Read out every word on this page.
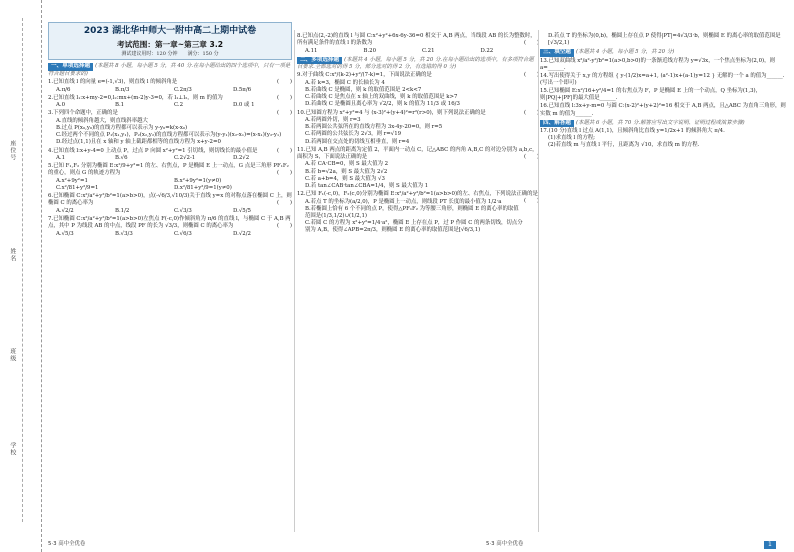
座位号
姓名
班级
学校
2023 湖北华中师大一附中高二上期中试卷
考试范围：第一章~第三章 3.2
测试建议用时：120 分钟　　满分：150 分
一、单项选择题 (本题共 8 小题，每小题 5 分，共 40 分.在每小题给出的四个选项中，只有一项是符合题目要求的)
1.已知直线 l 的向量 e=(-1,√3)，则直线 l 的倾斜角是	(　　)
A.π/6	B.π/3	C.2π/3	D.5π/6
2.已知直线 l₁:x+my-2=0,l₂:mx+(m-2)y-3=0，若 l₁⊥l₂，则 m 的值为	(　　)
A.0	B.1	C.2	D.0 或 1
3.下列四个命题中，正确的是	(　　)
A.直线的倾斜角越大，则直线斜率越大
B.过点 P(x₀,y₀)的直线方程都可以表示为 y-y₀=k(x-x₀)
C.经过两个不同的点 P₁(x₁,y₁)，P₂(x₂,y₂)的直线方程都可以表示为(y-y₁)(x₂-x₁)=(x-x₁)(y₂-y₁)
D.经过点(1,1)且在 x 轴和 y 轴上截距都相等的直线方程为 x+y-2=0
4.已知直线 l:x+y-4=0 上动点 P，过点 P 向圆 x²+y²=1 引切线，则切线长的最小值是	(　　)
A.1	B.√6	C.2√2-1	D.2√2
5.已知 F₁,F₂ 分别为椭圆 E:x²/9+y²=1 的左、右焦点，P 是椭圆 E 上一动点，G 点是三角形 PF₁F₂ 的重心，则点 G 的轨迹方程为	(　　)
A.x²+9y²=1	B.x²+9y²=1(y≠0)
C.x²/81+y²/9=1	D.x²/81+y²/9=1(y≠0)
6.已知椭圆 C:x²/a²+y²/b²=1(a>b>0)，点(-√6/3,√10/3)关于直线 y=x 的对称点落在椭圆 C 上，则椭圆 C 的离心率为	(　　)
A.√2/2	B.1/2	C.√3/3	D.√5/5
7.已知椭圆 C:x²/a²+y²/b²=1(a>b>0)左焦点 F(-c,0)作倾斜角为 π/6 的直线 l，与椭圆 C 于 A,B 两点，其中 P 为线段 AB 的中点，线段 PF 的长为 √3/3，则椭圆 C 的离心率为	(　　)
A.√5/3	B.√3/3	C.√6/3	D.√2/2
8.已知点(2,-2)的直线 l 与圆 C:x²+y²+6x-6y-36=0 相交于 A,B 两点，当线段 AB 的长为整数时，所有满足条件的直线 l 的条数为	(　　)
A.11	B.20	C.21	D.22
二、多项选择题 (本题共 4 小题，每小题 5 分，共 20 分.在每小题给出的选项中，有多项符合题目要求.全部选对的得 5 分，部分选对的得 2 分，有选错的得 0 分)
9.对于曲线 C:x²/(k-2)+y²/(7-k)=1，下面说法正确的是	(　　)
A.若 k=3，椭圆 C 的长轴长为 4
B.若曲线 C 是椭圆，则 k 的取值范围是 2<k<7
C.若曲线 C 是焦点在 x 轴上的双曲线，则 k 的取值范围是 k>7
D.若曲线 C 是椭圆且离心率为 √2/2，则 k 的值为 11/3 或 16/3
10.已知圆方程为 x²+y²=4 与 (x-3)²+(y+4)²=r²(r>0)，则下列说法正确的是	(　　)
A.若两圆外切，则 r=3
B.若两圆公共弦所在的直线方程为 3x-4y-20=0，则 r=5
C.若两圆的公共弦长为 2√3，则 r=√19
D.若两圆在交点处的切线互相垂直，则 r=4
11.已知 A,B 两点的距离为定值 2，平面内一动点 C，记△ABC 的内角 A,B,C 的对边分别为 a,b,c，面积为 S，下面说法正确的是	(　　)
A.若 CA·CB=0，则 S 最大值为 2
B.若 b=√2a，则 S 最大值为 2√2
C.若 a+b=4，则 S 最大值为 √3
D.若 tan∠CAB·tan∠CBA=1/4，则 S 最大值为 1
12.已知 F₁(-c,0)，F₂(c,0)分别为椭圆 E:x²/a²+y²/b²=1(a>b>0)的左、右焦点，下列说法正确的是
(　　)
A.若点 T 的坐标为(a/2,0)，P 是椭圆上一动点，则线段 PT 长度的最小值为 1/2·a
B.若椭圆上恰有 6 个不同的点 P，使得△PF₁F₂ 为等腰三角形，则椭圆 E 的离心率的取值范围是(1/3,1/2)∪(1/2,1)
C.若圆 C 的方程为 x²+y²=1/4·a²，椭圆 E 上存在点 P，过 P 作圆 C 的两条切线，切点分别为 A,B，使得∠APB=2π/3，则椭圆 E 的离心率的取值范围是[√6/3,1)
D.若点 T 的坐标为(0,b)，椭圆上存在点 P 使得|PT|=4√3/3·b，则椭圆 E 的离心率的取值范围是[√3/2,1)
三、填空题 (本题共 4 小题，每小题 5 分，共 20 分)
13.已知双曲线 x²/a²-y²/b²=1(a>0,b>0)的一条渐近线方程为 y=√3x，一个焦点坐标为(2,0)，则 a=______.
14.写出使得关于 x,y 的方程组 { y-(1/2)x=a+1, (a²-1)x+(a-1)y=12 } 无解的一个 a 的值为______.(写出一个即可)
15.已知椭圆 E:x²/16+y²/4=1 的右焦点为 F，P 是椭圆 E 上的一个动点，Q 坐标为(1,3)，则|PQ|+|PF|的最大值是______.
16.已知直线 l:3x+y-m=0 与圆 C:(x-2)²+(y+2)²=16 相交于 A,B 两点，且△ABC 为直角三角形，则实数 m 的值为______.
四、解答题 (本题共 6 小题，共 70 分.解答应写出文字说明、证明过程或演算步骤)
17.(10 分)直线 l 过点 A(1,1)，且倾斜角比直线 y=1/2x+1 的倾斜角大 π/4.
(1)求直线 l 的方程;
(2)若直线 m 与直线 l 平行，且距离为 √10，求直线 m 的方程.
5·3 高中全优卷	5·3 高中全优卷	1
